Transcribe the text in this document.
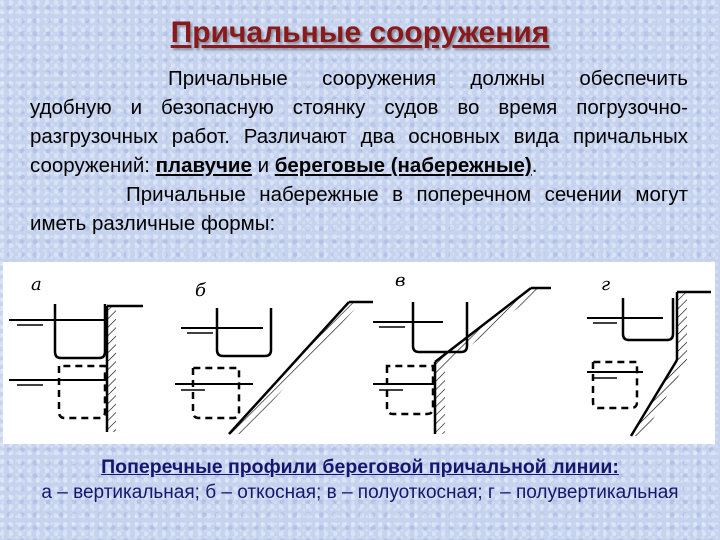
Причальные сооружения

Причальные сооружения должны обеспечить удобную и безопасную стоянку судов во время погрузочно-разгрузочных работ. Различают два основных вида причальных сооружений: плавучие и береговые (набережные).

Причальные набережные в поперечном сечении могут иметь различные формы:

а	б	в	г
Поперечные профили береговой причальной линии:
а – вертикальная; б – откосная; в – полуоткосная; г – полувертикальная
